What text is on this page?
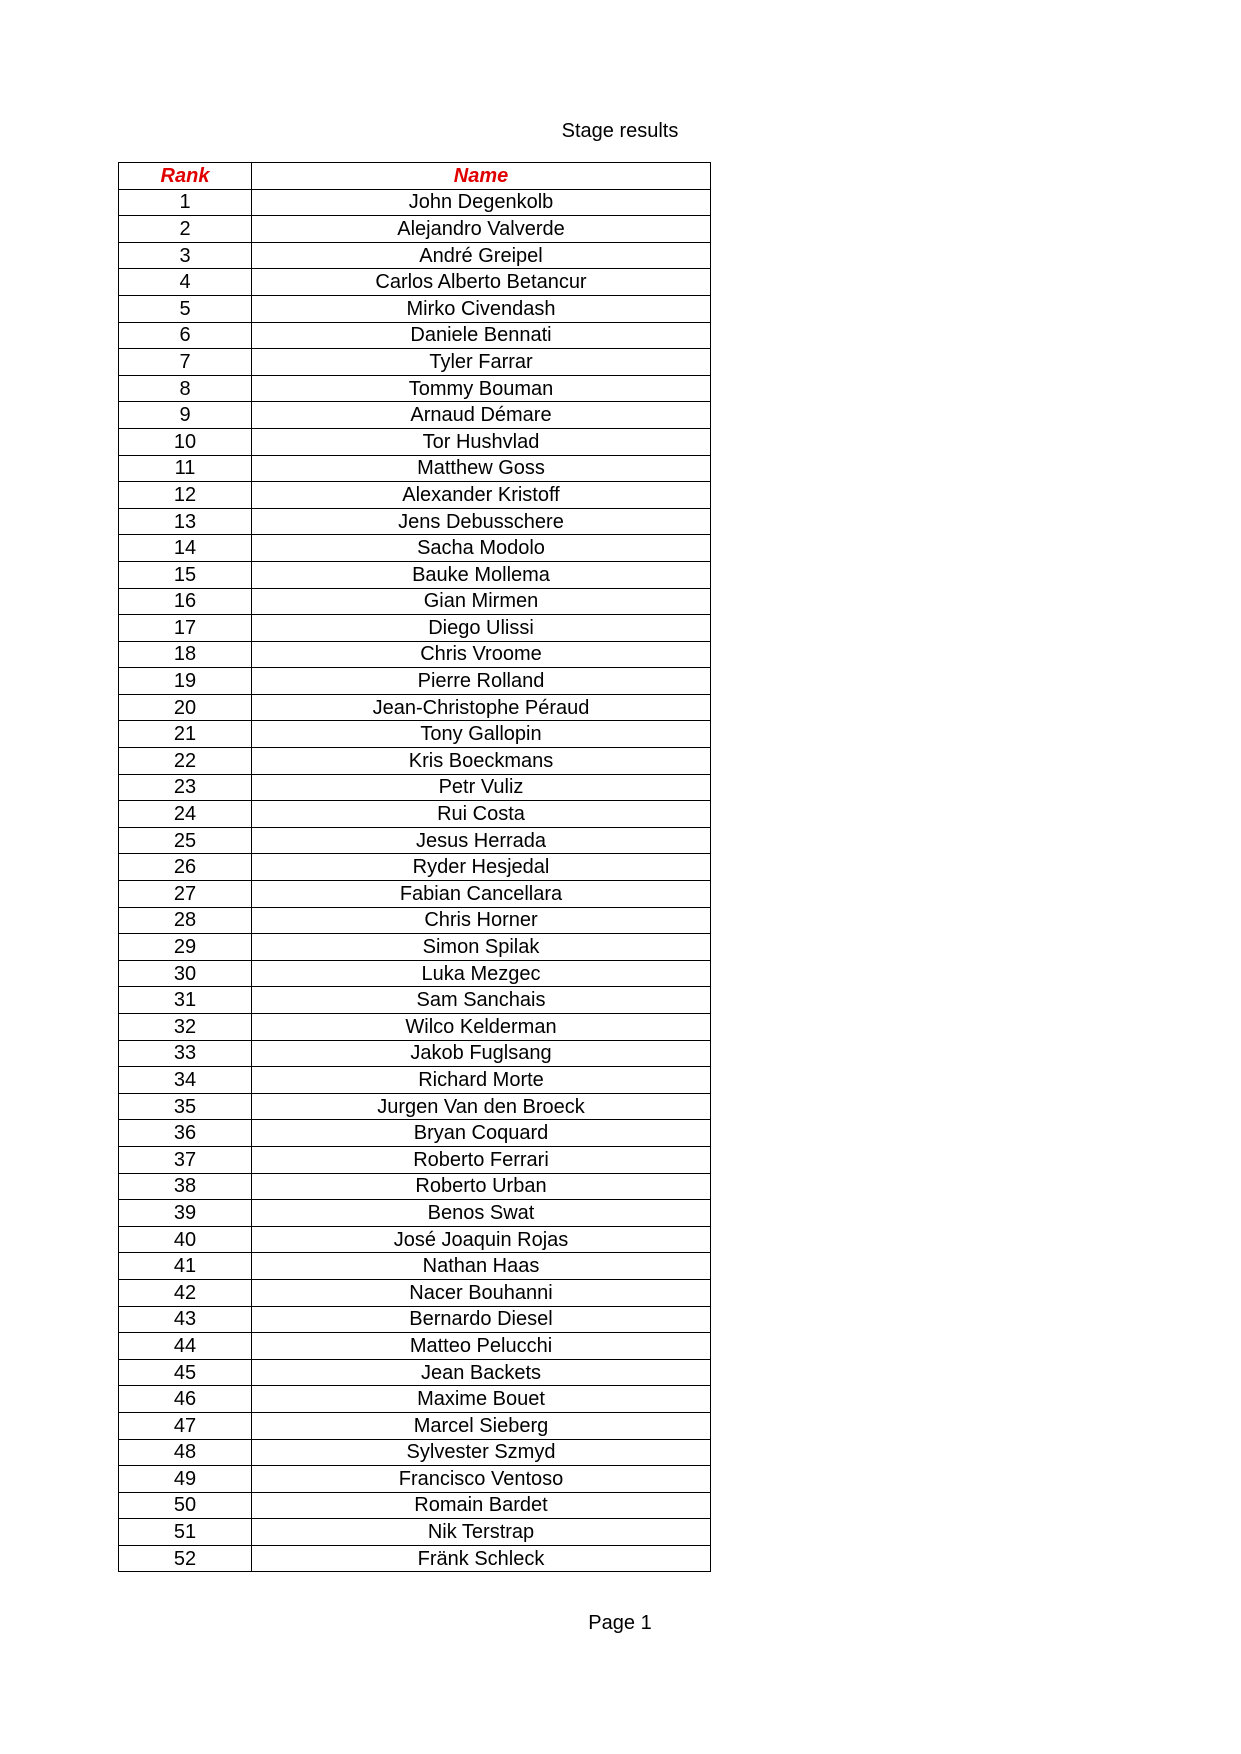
Stage results
Rank	Name
1	John Degenkolb
2	Alejandro Valverde
3	André Greipel
4	Carlos Alberto Betancur
5	Mirko Civendash
6	Daniele Bennati
7	Tyler Farrar
8	Tommy Bouman
9	Arnaud Démare
10	Tor Hushvlad
11	Matthew Goss
12	Alexander Kristoff
13	Jens Debusschere
14	Sacha Modolo
15	Bauke Mollema
16	Gian Mirmen
17	Diego Ulissi
18	Chris Vroome
19	Pierre Rolland
20	Jean-Christophe Péraud
21	Tony Gallopin
22	Kris Boeckmans
23	Petr Vuliz
24	Rui Costa
25	Jesus Herrada
26	Ryder Hesjedal
27	Fabian Cancellara
28	Chris Horner
29	Simon Spilak
30	Luka Mezgec
31	Sam Sanchais
32	Wilco Kelderman
33	Jakob Fuglsang
34	Richard Morte
35	Jurgen Van den Broeck
36	Bryan Coquard
37	Roberto Ferrari
38	Roberto Urban
39	Benos Swat
40	José Joaquin Rojas
41	Nathan Haas
42	Nacer Bouhanni
43	Bernardo Diesel
44	Matteo Pelucchi
45	Jean Backets
46	Maxime Bouet
47	Marcel Sieberg
48	Sylvester Szmyd
49	Francisco Ventoso
50	Romain Bardet
51	Nik Terstrap
52	Fränk Schleck
Page 1
